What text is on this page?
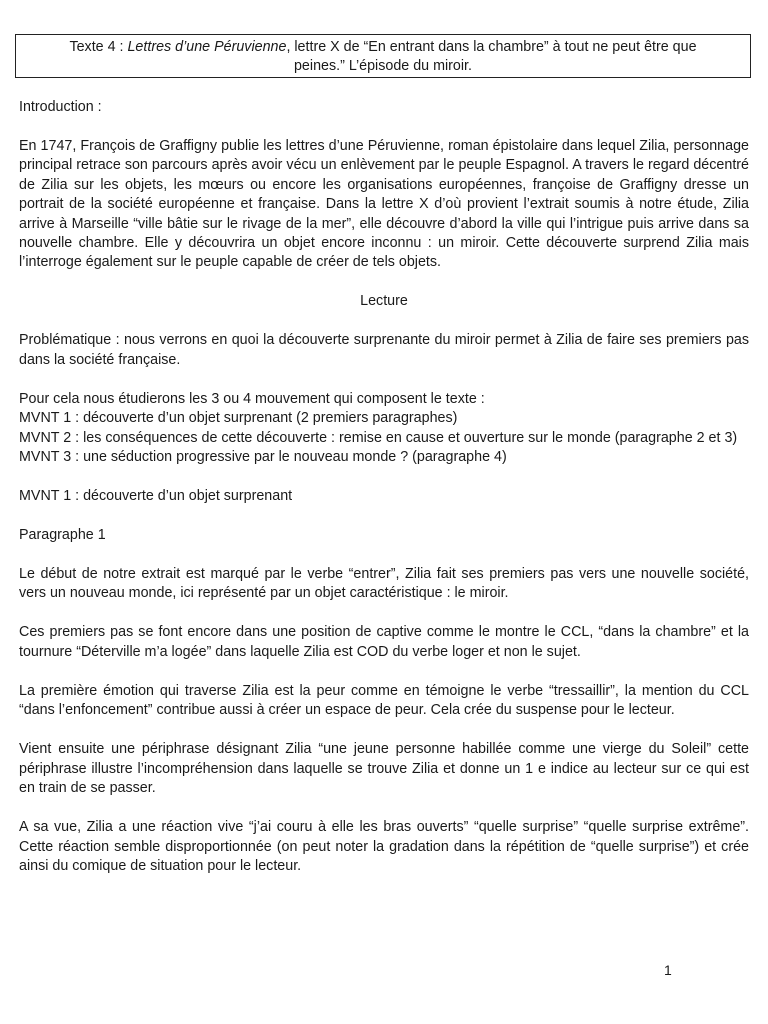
Texte 4 : Lettres d’une Péruvienne, lettre X de “En entrant dans la chambre” à tout ne peut être que
peines.” L’épisode du miroir.

Introduction :

En 1747, François de Graffigny publie les lettres d’une Péruvienne, roman épistolaire dans lequel Zilia, personnage principal retrace son parcours après avoir vécu un enlèvement par le peuple Espagnol. A travers le regard décentré de Zilia sur les objets, les mœurs ou encore les organisations européennes, françoise de Graffigny dresse un portrait de la société européenne et française. Dans la lettre X d’où provient l’extrait soumis à notre étude, Zilia arrive à Marseille “ville bâtie sur le rivage de la mer”, elle découvre d’abord la ville qui l’intrigue puis arrive dans sa nouvelle chambre. Elle y découvrira un objet encore inconnu : un miroir. Cette découverte surprend Zilia mais l’interroge également sur le peuple capable de créer de tels objets.

Lecture

Problématique : nous verrons en quoi la découverte surprenante du miroir permet à Zilia de faire ses premiers pas dans la société française.

Pour cela nous étudierons les 3 ou 4 mouvement qui composent le texte :

MVNT 1 : découverte d’un objet surprenant (2 premiers paragraphes)

MVNT 2 : les conséquences de cette découverte : remise en cause et ouverture sur le monde (paragraphe 2 et 3)

MVNT 3 : une séduction progressive par le nouveau monde ? (paragraphe 4)

MVNT 1 : découverte d’un objet surprenant

Paragraphe 1

Le début de notre extrait est marqué par le verbe “entrer”, Zilia fait ses premiers pas vers une nouvelle société, vers un nouveau monde, ici représenté par un objet caractéristique : le miroir.

Ces premiers pas se font encore dans une position de captive comme le montre le CCL, “dans la chambre” et la tournure “Déterville m’a logée” dans laquelle Zilia est COD du verbe loger et non le sujet.

La première émotion qui traverse Zilia est la peur comme en témoigne le verbe “tressaillir”, la mention du CCL “dans l’enfoncement” contribue aussi à créer un espace de peur. Cela crée du suspense pour le lecteur.

Vient ensuite une périphrase désignant Zilia “une jeune personne habillée comme une vierge du Soleil” cette périphrase illustre l’incompréhension dans laquelle se trouve Zilia et donne un 1 e indice au lecteur sur ce qui est en train de se passer.

A sa vue, Zilia a une réaction vive “j’ai couru à elle les bras ouverts” “quelle surprise” “quelle surprise extrême”. Cette réaction semble disproportionnée (on peut noter la gradation dans la répétition de “quelle surprise”) et crée ainsi du comique de situation pour le lecteur.

1
